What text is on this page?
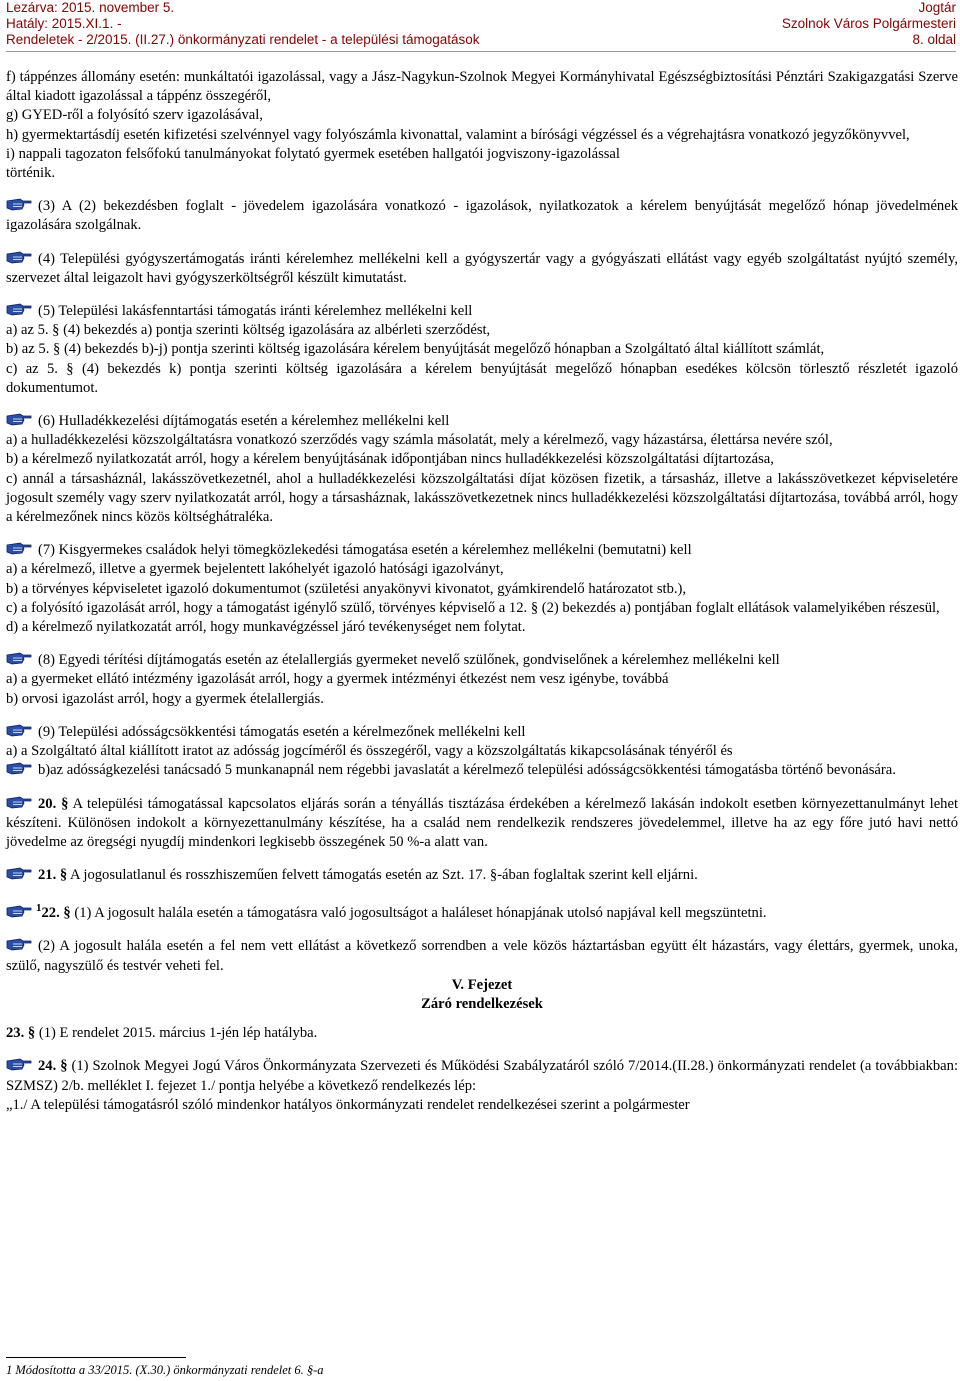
Lezárva: 2015. november 5.
Hatály: 2015.XI.1. -
Rendeletek - 2/2015. (II.27.) önkormányzati rendelet - a települési támogatások
Jogtár
Szolnok Város Polgármesteri
8. oldal

f) táppénzes állomány esetén: munkáltatói igazolással, vagy a Jász-Nagykun-Szolnok Megyei Kormányhivatal Egészségbiztosítási Pénztári Szakigazgatási Szerve által kiadott igazolással a táppénz összegéről,

g) GYED-ről a folyósító szerv igazolásával,

h) gyermektartásdíj esetén kifizetési szelvénnyel vagy folyószámla kivonattal, valamint a bírósági végzéssel és a végrehajtásra vonatkozó jegyzőkönyvvel,

i) nappali tagozaton felsőfokú tanulmányokat folytató gyermek esetében hallgatói jogviszony-igazolással

történik.

(3) A (2) bekezdésben foglalt - jövedelem igazolására vonatkozó - igazolások, nyilatkozatok a kérelem benyújtását megelőző hónap jövedelmének igazolására szolgálnak.

(4) Települési gyógyszertámogatás iránti kérelemhez mellékelni kell a gyógyszertár vagy a gyógyászati ellátást vagy egyéb szolgáltatást nyújtó személy, szervezet által leigazolt havi gyógyszerköltségről készült kimutatást.

(5) Települési lakásfenntartási támogatás iránti kérelemhez mellékelni kell

a) az 5. § (4) bekezdés a) pontja szerinti költség igazolására az albérleti szerződést,

b) az 5. § (4) bekezdés b)-j) pontja szerinti költség igazolására kérelem benyújtását megelőző hónapban a Szolgáltató által kiállított számlát,

c) az 5. § (4) bekezdés k) pontja szerinti költség igazolására a kérelem benyújtását megelőző hónapban esedékes kölcsön törlesztő részletét igazoló dokumentumot.

(6) Hulladékkezelési díjtámogatás esetén a kérelemhez mellékelni kell

a) a hulladékkezelési közszolgáltatásra vonatkozó szerződés vagy számla másolatát, mely a kérelmező, vagy házastársa, élettársa nevére szól,

b) a kérelmező nyilatkozatát arról, hogy a kérelem benyújtásának időpontjában nincs hulladékkezelési közszolgáltatási díjtartozása,

c) annál a társasháznál, lakásszövetkezetnél, ahol a hulladékkezelési közszolgáltatási díjat közösen fizetik, a társasház, illetve a lakásszövetkezet képviseletére jogosult személy vagy szerv nyilatkozatát arról, hogy a társasháznak, lakásszövetkezetnek nincs hulladékkezelési közszolgáltatási díjtartozása, továbbá arról, hogy a kérelmezőnek nincs közös költséghátraléka.

(7) Kisgyermekes családok helyi tömegközlekedési támogatása esetén a kérelemhez mellékelni (bemutatni) kell

a) a kérelmező, illetve a gyermek bejelentett lakóhelyét igazoló hatósági igazolványt,

b) a törvényes képviseletet igazoló dokumentumot (születési anyakönyvi kivonatot, gyámkirendelő határozatot stb.),

c) a folyósító igazolását arról, hogy a támogatást igénylő szülő, törvényes képviselő a 12. § (2) bekezdés a) pontjában foglalt ellátások valamelyikében részesül,

d) a kérelmező nyilatkozatát arról, hogy munkavégzéssel járó tevékenységet nem folytat.

(8) Egyedi térítési díjtámogatás esetén az ételallergiás gyermeket nevelő szülőnek, gondviselőnek a kérelemhez mellékelni kell

a) a gyermeket ellátó intézmény igazolását arról, hogy a gyermek intézményi étkezést nem vesz igénybe, továbbá

b) orvosi igazolást arról, hogy a gyermek ételallergiás.

(9) Települési adósságcsökkentési támogatás esetén a kérelmezőnek mellékelni kell

a) a Szolgáltató által kiállított iratot az adósság jogcíméről és összegéről, vagy a közszolgáltatás kikapcsolásának tényéről és

b)az adósságkezelési tanácsadó 5 munkanapnál nem régebbi javaslatát a kérelmező települési adósságcsökkentési támogatásba történő bevonására.

20. § A települési támogatással kapcsolatos eljárás során a tényállás tisztázása érdekében a kérelmező lakásán indokolt esetben környezettanulmányt lehet készíteni. Különösen indokolt a környezettanulmány készítése, ha a család nem rendelkezik rendszeres jövedelemmel, illetve ha az egy főre jutó havi nettó jövedelme az öregségi nyugdíj mindenkori legkisebb összegének 50 %-a alatt van.

21. § A jogosulatlanul és rosszhiszeműen felvett támogatás esetén az Szt. 17. §-ában foglaltak szerint kell eljárni.

$^1$22. § (1) A jogosult halála esetén a támogatásra való jogosultságot a haláleset hónapjának utolsó napjával kell megszüntetni.

(2) A jogosult halála esetén a fel nem vett ellátást a következő sorrendben a vele közös háztartásban együtt élt házastárs, vagy élettárs, gyermek, unoka, szülő, nagyszülő és testvér veheti fel.

V. Fejezet

Záró rendelkezések

23. § (1) E rendelet 2015. március 1-jén lép hatályba.

24. § (1) Szolnok Megyei Jogú Város Önkormányzata Szervezeti és Működési Szabályzatáról szóló 7/2014.(II.28.) önkormányzati rendelet (a továbbiakban: SZMSZ) 2/b. melléklet I. fejezet 1./ pontja helyébe a következő rendelkezés lép:

„1./ A települési támogatásról szóló mindenkor hatályos önkormányzati rendelet rendelkezései szerint a polgármester

1 Módosította a 33/2015. (X.30.) önkormányzati rendelet 6. §-a
